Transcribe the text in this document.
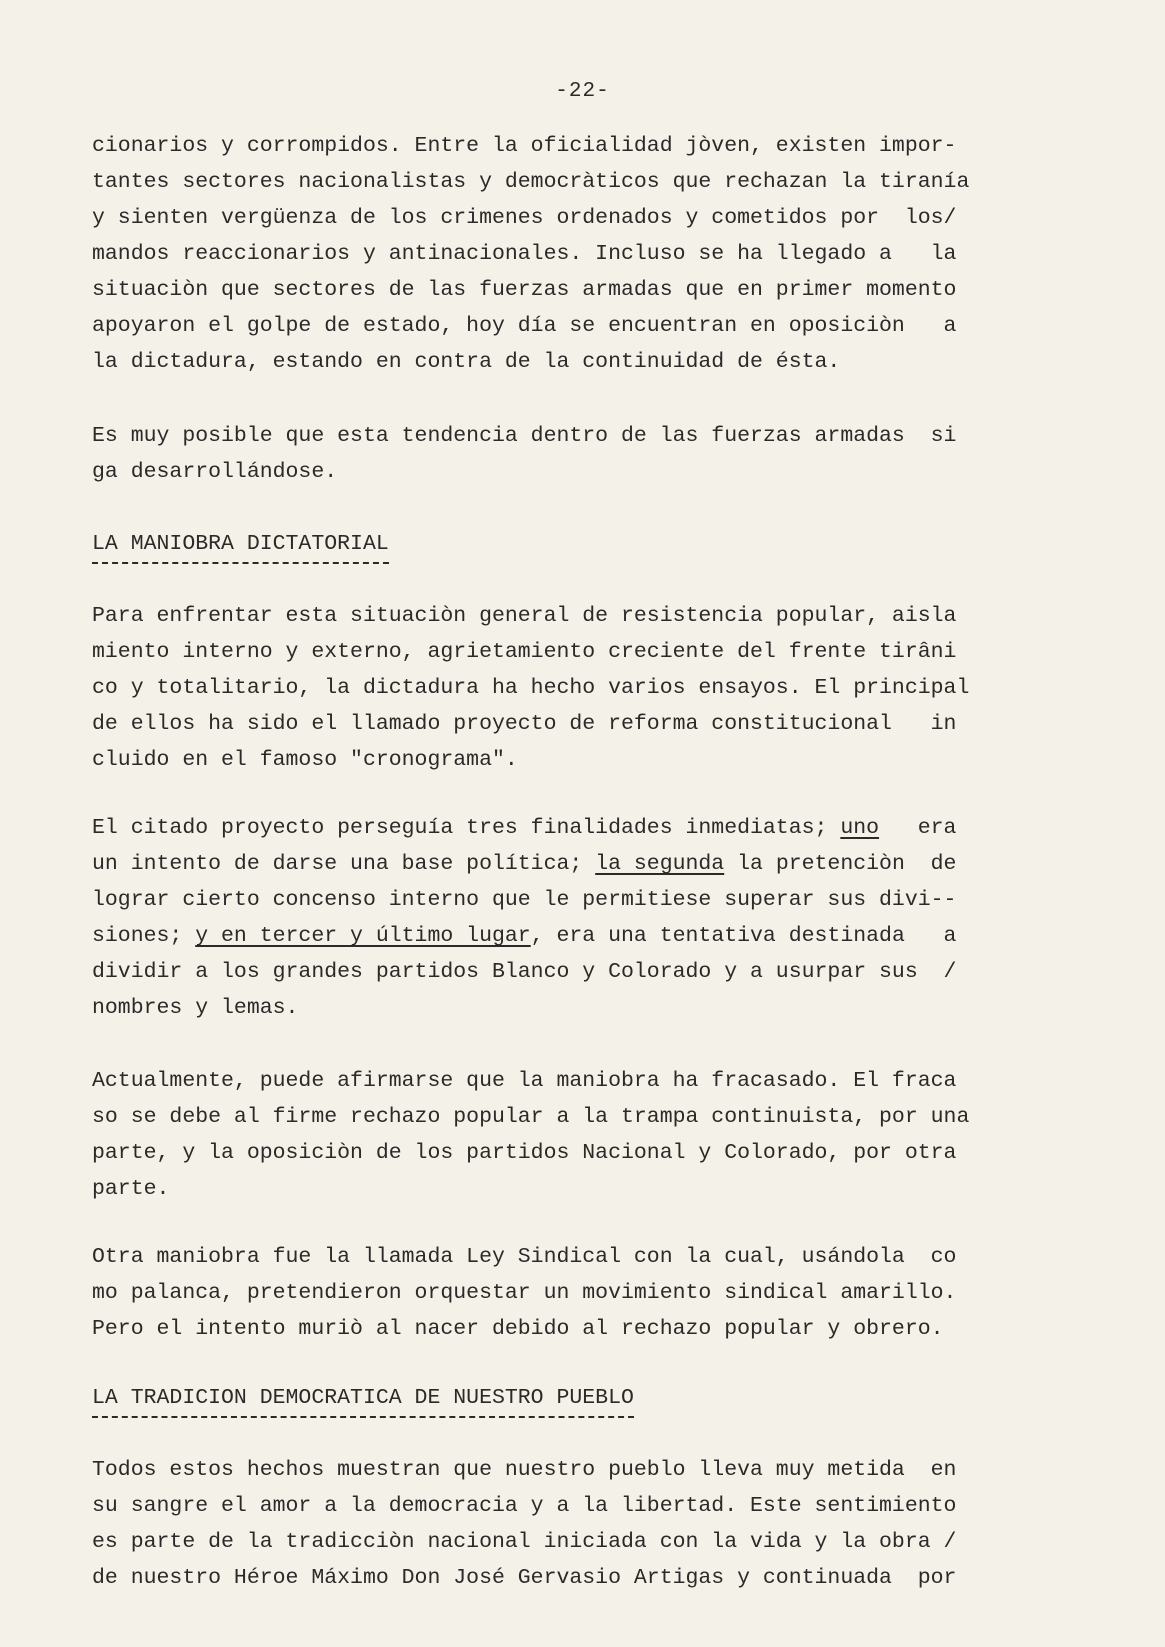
-22-
cionarios y corrompidos. Entre la oficialidad jòven, existen impor-
tantes sectores nacionalistas y democràticos que rechazan la tiranía
y sienten vergüenza de los crimenes ordenados y cometidos por  los/
mandos reaccionarios y antinacionales. Incluso se ha llegado a   la
situaciòn que sectores de las fuerzas armadas que en primer momento
apoyaron el golpe de estado, hoy día se encuentran en oposiciòn   a
la dictadura, estando en contra de la continuidad de ésta.
Es muy posible que esta tendencia dentro de las fuerzas armadas  si
ga desarrollándose.
LA MANIOBRA DICTATORIAL
Para enfrentar esta situaciòn general de resistencia popular, aisla
miento interno y externo, agrietamiento creciente del frente tirâni
co y totalitario, la dictadura ha hecho varios ensayos. El principal
de ellos ha sido el llamado proyecto de reforma constitucional   in
cluido en el famoso "cronograma".
El citado proyecto perseguía tres finalidades inmediatas; uno   era
un intento de darse una base política; la segunda la pretenciòn  de
lograr cierto concenso interno que le permitiese superar sus divi--
siones; y en tercer y último lugar, era una tentativa destinada   a
dividir a los grandes partidos Blanco y Colorado y a usurpar sus  /
nombres y lemas.
Actualmente, puede afirmarse que la maniobra ha fracasado. El fraca
so se debe al firme rechazo popular a la trampa continuista, por una
parte, y la oposiciòn de los partidos Nacional y Colorado, por otra
parte.
Otra maniobra fue la llamada Ley Sindical con la cual, usándola  co
mo palanca, pretendieron orquestar un movimiento sindical amarillo.
Pero el intento muriò al nacer debido al rechazo popular y obrero.
LA TRADICION DEMOCRATICA DE NUESTRO PUEBLO
Todos estos hechos muestran que nuestro pueblo lleva muy metida  en
su sangre el amor a la democracia y a la libertad. Este sentimiento
es parte de la tradicciòn nacional iniciada con la vida y la obra /
de nuestro Héroe Máximo Don José Gervasio Artigas y continuada  por
